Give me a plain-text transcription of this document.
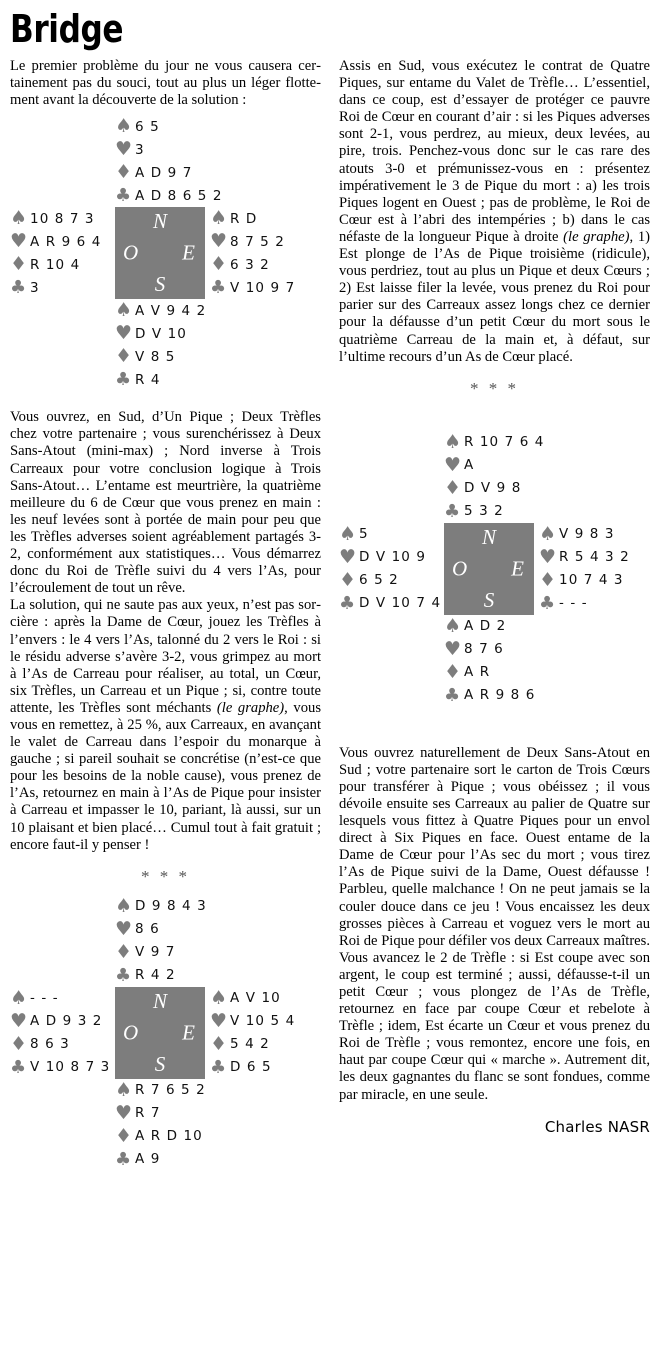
Bridge

Le premier problème du jour ne vous causera certainement pas du souci, tout au plus un léger flottement avant la découverte de la solution :

♠ 6 5
♥ 3
♦ A D 9 7
♣ A D 8 6 5 2
♠ 10 8 7 3
♥ A R 9 6 4
♦ R 10 4
♣ 3
N
O E
S
♠ R D
♥ 8 7 5 2
♦ 6 3 2
♣ V 10 9 7
♠ A V 9 4 2
♥ D V 10
♦ V 8 5
♣ R 4

Vous ouvrez, en Sud, d’Un Pique ; Deux Trèfles chez votre partenaire ; vous surenchérissez à Deux Sans-Atout (mini-max) ; Nord inverse à Trois Carreaux pour votre conclusion logique à Trois Sans-Atout… L’entame est meurtrière, la quatrième meilleure du 6 de Cœur que vous prenez en main : les neuf levées sont à portée de main pour peu que les Trèfles adverses soient agréablement partagés 3-2, conformément aux statistiques… Vous démarrez donc du Roi de Trèfle suivi du 4 vers l’As, pour l’écroulement de tout un rêve.

La solution, qui ne saute pas aux yeux, n’est pas sorcière : après la Dame de Cœur, jouez les Trèfles à l’envers : le 4 vers l’As, talonné du 2 vers le Roi : si le résidu adverse s’avère 3-2, vous grimpez au mort à l’As de Carreau pour réaliser, au total, un Cœur, six Trèfles, un Carreau et un Pique ; si, contre toute attente, les Trèfles sont méchants (le graphe), vous vous en remettez, à 25 %, aux Carreaux, en avançant le valet de Carreau dans l’espoir du monarque à gauche ; si pareil souhait se concrétise (n’est-ce que pour les besoins de la noble cause), vous prenez de l’As, retournez en main à l’As de Pique pour insister à Carreau et impasser le 10, pariant, là aussi, sur un 10 plaisant et bien placé… Cumul tout à fait gratuit ; encore faut-il y penser !

* * *
♠ D 9 8 4 3
♥ 8 6
♦ V 9 7
♣ R 4 2
♠ - - -
♥ A D 9 3 2
♦ 8 6 3
♣ V 10 8 7 3
N
O E
S
♠ A V 10
♥ V 10 5 4
♦ 5 4 2
♣ D 6 5
♠ R 7 6 5 2
♥ R 7
♦ A R D 10
♣ A 9

Assis en Sud, vous exécutez le contrat de Quatre Piques, sur entame du Valet de Trèfle… L’essentiel, dans ce coup, est d’essayer de protéger ce pauvre Roi de Cœur en courant d’air : si les Piques adverses sont 2-1, vous perdrez, au mieux, deux levées, au pire, trois. Penchez-vous donc sur le cas rare des atouts 3-0 et prémunissez-vous en : présentez impérativement le 3 de Pique du mort : a) les trois Piques logent en Ouest ; pas de problème, le Roi de Cœur est à l’abri des intempéries ; b) dans le cas néfaste de la longueur Pique à droite (le graphe), 1) Est plonge de l’As de Pique troisième (ridicule), vous perdriez, tout au plus un Pique et deux Cœurs ; 2) Est laisse filer la levée, vous prenez du Roi pour parier sur des Carreaux assez longs chez ce dernier pour la défausse d’un petit Cœur du mort sous le quatrième Carreau de la main et, à défaut, sur l’ultime recours d’un As de Cœur placé.

* * *
♠ R 10 7 6 4
♥ A
♦ D V 9 8
♣ 5 3 2
♠ 5
♥ D V 10 9
♦ 6 5 2
♣ D V 10 7 4
N
O E
S
♠ V 9 8 3
♥ R 5 4 3 2
♦ 10 7 4 3
♣ - - -
♠ A D 2
♥ 8 7 6
♦ A R
♣ A R 9 8 6

Vous ouvrez naturellement de Deux Sans-Atout en Sud ; votre partenaire sort le carton de Trois Cœurs pour transférer à Pique ; vous obéissez ; il vous dévoile ensuite ses Carreaux au palier de Quatre sur lesquels vous fittez à Quatre Piques pour un envol direct à Six Piques en face. Ouest entame de la Dame de Cœur pour l’As sec du mort ; vous tirez l’As de Pique suivi de la Dame, Ouest défausse ! Parbleu, quelle malchance ! On ne peut jamais se la couler douce dans ce jeu ! Vous encaissez les deux grosses pièces à Carreau et voguez vers le mort au Roi de Pique pour défiler vos deux Carreaux maîtres. Vous avancez le 2 de Trèfle : si Est coupe avec son argent, le coup est terminé ; aussi, défausse-t-il un petit Cœur ; vous plongez de l’As de Trèfle, retournez en face par coupe Cœur et rebelote à Trèfle ; idem, Est écarte un Cœur et vous prenez du Roi de Trèfle ; vous remontez, encore une fois, en haut par coupe Cœur qui « marche ». Autrement dit, les deux gagnantes du flanc se sont fondues, comme par miracle, en une seule.

Charles NASR
